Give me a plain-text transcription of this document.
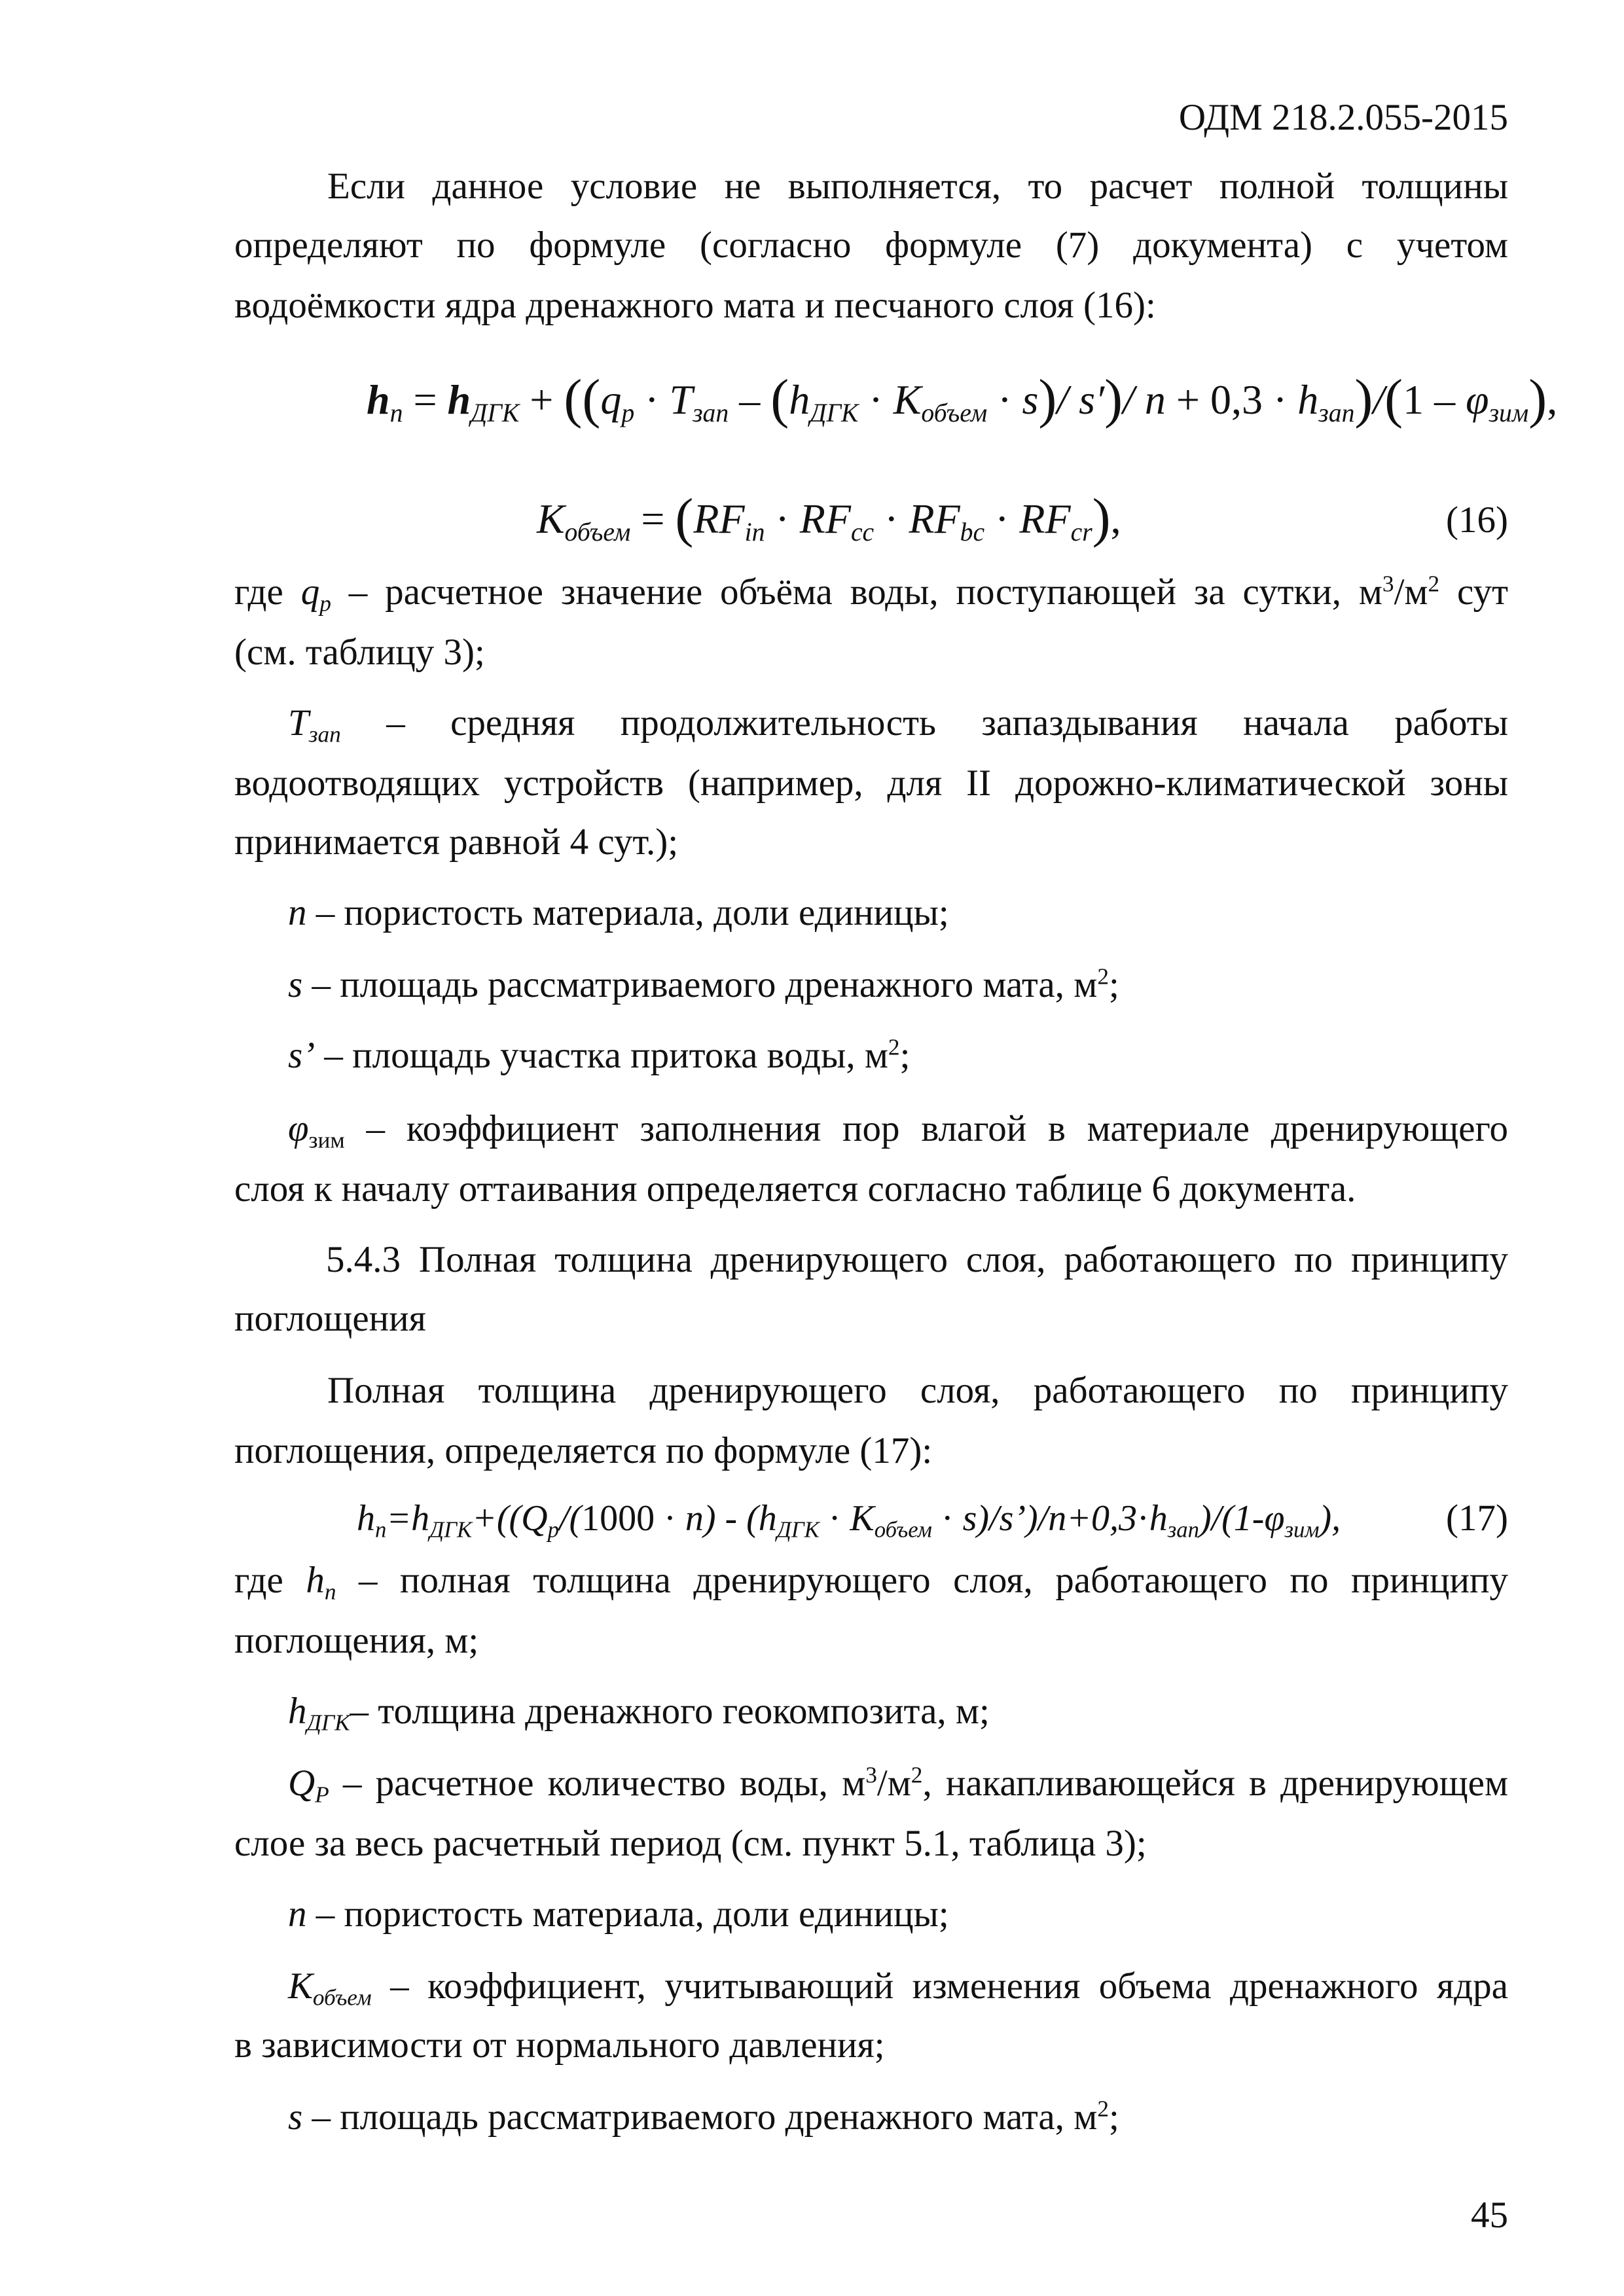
ОДМ 218.2.055-2015
Если данное условие не выполняется, то расчет полной толщины
определяют по формуле (согласно формуле (7) документа) с учетом
водоёмкости ядра дренажного мата и песчаного слоя (16):
$h_n = h_{ДГК} + ((q_p \cdot T_{зап} - (h_{ДГК} \cdot K_{объем} \cdot s)/$ s′)/ $n + 0,3 \cdot h_{зап})/(1 - \varphi_{зим})$,
$К_{объем} = (RF_{in} \cdot RF_{cc} \cdot RF_{bc} \cdot RF_{cr})$,	(16)
где $q_p$ – расчетное значение объёма воды, поступающей за сутки, $м^3/м^2$ сут
(см. таблицу 3);
$Т_{зап}$ – средняя продолжительность запаздывания начала работы
водоотводящих устройств (например, для II дорожно-климатической зоны
принимается равной 4 сут.);
n – пористость материала, доли единицы;
s – площадь рассматриваемого дренажного мата, $м^2$;
s’ – площадь участка притока воды, $м^2$;
$\varphi_{зим}$ – коэффициент заполнения пор влагой в материале дренирующего
слоя к началу оттаивания определяется согласно таблице 6 документа.
5.4.3 Полная толщина дренирующего слоя, работающего по принципу
поглощения
Полная толщина дренирующего слоя, работающего по принципу
поглощения, определяется по формуле (17):
$h_n=h_{ДГК}+((Q_p/(1000 \cdot n) - (h_{ДГК} \cdot K_{объем}$ · $s)/s’)/n+0,3\cdot h_{зап})/(1-\varphi_{зим})$,	(17)
где $h_n$ – полная толщина дренирующего слоя, работающего по принципу
поглощения, м;
$h_{ДГК}-$ толщина дренажного геокомпозита, м;
$Q_P$ – расчетное количество воды, $м^3/м^2$, накапливающейся в дренирующем
слое за весь расчетный период (см. пункт 5.1, таблица 3);
n – пористость материала, доли единицы;
$К_{объем}$ – коэффициент, учитывающий изменения объема дренажного ядра
в зависимости от нормального давления;
s – площадь рассматриваемого дренажного мата, $м^2$;
45
